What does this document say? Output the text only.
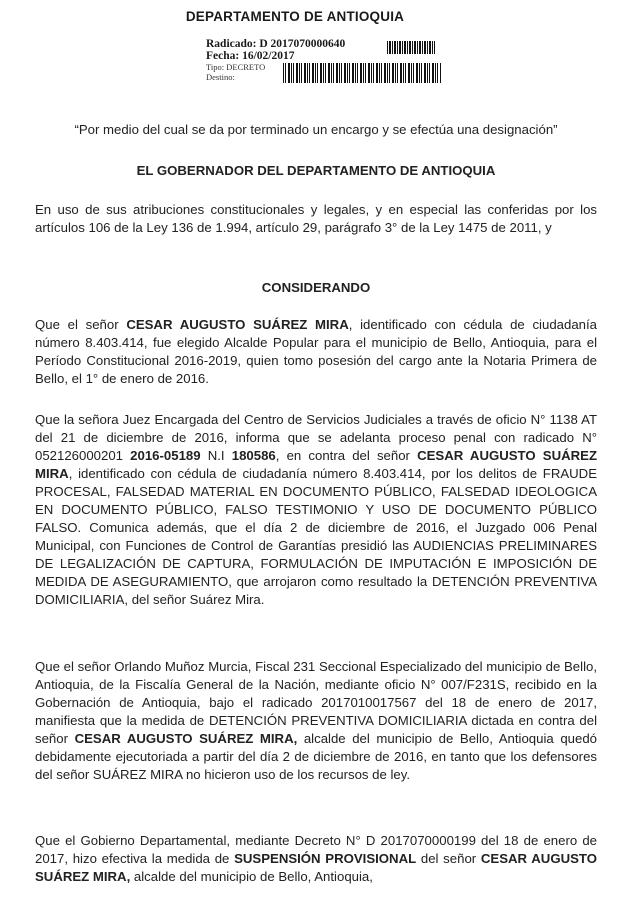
DEPARTAMENTO DE ANTIOQUIA
Radicado: D 2017070000640
Fecha: 16/02/2017
Tipo: DECRETO
Destino:
“Por medio del cual se da por terminado un encargo y se efectúa una designación”
EL GOBERNADOR DEL DEPARTAMENTO DE ANTIOQUIA
En uso de sus atribuciones constitucionales y legales, y en especial las conferidas por los artículos 106 de la Ley 136 de 1.994, artículo 29, parágrafo 3° de la Ley 1475 de 2011, y
CONSIDERANDO
Que el señor CESAR AUGUSTO SUÁREZ MIRA, identificado con cédula de ciudadanía número 8.403.414, fue elegido Alcalde Popular para el municipio de Bello, Antioquia, para el Período Constitucional 2016-2019, quien tomo posesión del cargo ante la Notaria Primera de Bello, el 1° de enero de 2016.
Que la señora Juez Encargada del Centro de Servicios Judiciales a través de oficio N° 1138 AT del 21 de diciembre de 2016, informa que se adelanta proceso penal con radicado N° 052126000201 2016-05189 N.I 180586, en contra del señor CESAR AUGUSTO SUÁREZ MIRA, identificado con cédula de ciudadanía número 8.403.414, por los delitos de FRAUDE PROCESAL, FALSEDAD MATERIAL EN DOCUMENTO PÚBLICO, FALSEDAD IDEOLOGICA EN DOCUMENTO PÚBLICO, FALSO TESTIMONIO Y USO DE DOCUMENTO PÚBLICO FALSO. Comunica además, que el día 2 de diciembre de 2016, el Juzgado 006 Penal Municipal, con Funciones de Control de Garantías presidió las AUDIENCIAS PRELIMINARES DE LEGALIZACIÓN DE CAPTURA, FORMULACIÓN DE IMPUTACIÓN E IMPOSICIÓN DE MEDIDA DE ASEGURAMIENTO, que arrojaron como resultado la DETENCIÓN PREVENTIVA DOMICILIARIA, del señor Suárez Mira.
Que el señor Orlando Muñoz Murcia, Fiscal 231 Seccional Especializado del municipio de Bello, Antioquia, de la Fiscalía General de la Nación, mediante oficio N° 007/F231S, recibido en la Gobernación de Antioquia, bajo el radicado 2017010017567 del 18 de enero de 2017, manifiesta que la medida de DETENCIÓN PREVENTIVA DOMICILIARIA dictada en contra del señor CESAR AUGUSTO SUÁREZ MIRA, alcalde del municipio de Bello, Antioquia quedó debidamente ejecutoriada a partir del día 2 de diciembre de 2016, en tanto que los defensores del señor SUÁREZ MIRA no hicieron uso de los recursos de ley.
Que el Gobierno Departamental, mediante Decreto N° D 2017070000199 del 18 de enero de 2017, hizo efectiva la medida de SUSPENSIÓN PROVISIONAL del señor CESAR AUGUSTO SUÁREZ MIRA, alcalde del municipio de Bello, Antioquia,
